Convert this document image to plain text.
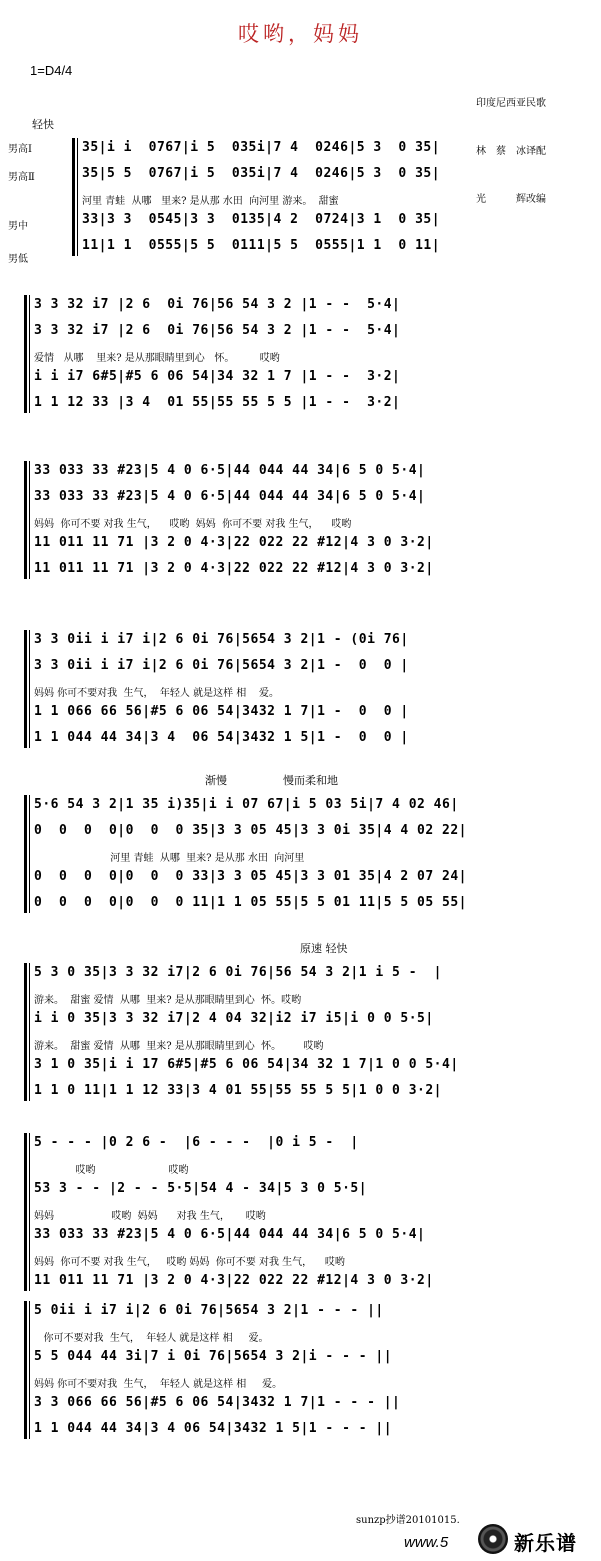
哎哟，妈妈
1=D4/4

印度尼西亚民歌

林　蔡　冰译配

光　　　辉改编

轻快
渐慢	慢而柔和地
原速 轻快
男高Ⅰ
男高Ⅱ
男中
男低
35|i i  0767|i 5  035i|7 4  0246|5 3  0 35|
35|5 5  0767|i 5  035i|7 4  0246|5 3  0 35|
河里 青蛙  从哪   里来? 是从那 水田  向河里 游来。  甜蜜
33|3 3  0545|3 3  0135|4 2  0724|3 1  0 35|
11|1 1  0555|5 5  0111|5 5  0555|1 1  0 11|
3 3 32 i7 |2 6  0i 76|56 54 3 2 |1 - -  5·4|
3 3 32 i7 |2 6  0i 76|56 54 3 2 |1 - -  5·4|
爱情   从哪    里来? 是从那眼睛里到心   怀。        哎哟
i i i7 6#5|#5 6 06 54|34 32 1 7 |1 - -  3·2|
1 1 12 33 |3 4  01 55|55 55 5 5 |1 - -  3·2|
33 033 33 #23|5 4 0 6·5|44 044 44 34|6 5 0 5·4|
33 033 33 #23|5 4 0 6·5|44 044 44 34|6 5 0 5·4|
妈妈  你可不要 对我 生气，    哎哟  妈妈  你可不要 对我 生气，    哎哟
11 011 11 71 |3 2 0 4·3|22 022 22 #12|4 3 0 3·2|
11 011 11 71 |3 2 0 4·3|22 022 22 #12|4 3 0 3·2|
3 3 0ii i i7 i|2 6 0i 76|5654 3 2|1 - (0i 76|
3 3 0ii i i7 i|2 6 0i 76|5654 3 2|1 -  0  0 |
妈妈 你可不要对我  生气，  年轻人 就是这样 相    爱。
1 1 066 66 56|#5 6 06 54|3432 1 7|1 -  0  0 |
1 1 044 44 34|3 4  06 54|3432 1 5|1 -  0  0 |
5·6 54 3 2|1 35 i)35|i i 07 67|i 5 03 5i|7 4 02 46|
0  0  0  0|0  0  0 35|3 3 05 45|3 3 0i 35|4 4 02 22|
河里 青蛙  从哪  里来? 是从那 水田  向河里
0  0  0  0|0  0  0 33|3 3 05 45|3 3 01 35|4 2 07 24|
0  0  0  0|0  0  0 11|1 1 05 55|5 5 01 11|5 5 05 55|
5 3 0 35|3 3 32 i7|2 6 0i 76|56 54 3 2|1 i 5 -  |
游来。  甜蜜 爱情  从哪  里来? 是从那眼睛里到心  怀。哎哟
i i 0 35|3 3 32 i7|2 4 04 32|i2 i7 i5|i 0 0 5·5|
游来。  甜蜜 爱情  从哪  里来? 是从那眼睛里到心  怀。       哎哟
3 1 0 35|i i 17 6#5|#5 6 06 54|34 32 1 7|1 0 0 5·4|
1 1 0 11|1 1 12 33|3 4 01 55|55 55 5 5|1 0 0 3·2|
5 - - - |0 2 6 -  |6 - - -  |0 i 5 -  |
哎哟                       哎哟
53 3 - - |2 - - 5·5|54 4 - 34|5 3 0 5·5|
妈妈                  哎哟  妈妈      对我 生气，     哎哟
33 033 33 #23|5 4 0 6·5|44 044 44 34|6 5 0 5·4|
妈妈  你可不要 对我 生气，   哎哟 妈妈  你可不要 对我 生气，    哎哟
11 011 11 71 |3 2 0 4·3|22 022 22 #12|4 3 0 3·2|
5 0ii i i7 i|2 6 0i 76|5654 3 2|1 - - - ||
你可不要对我  生气，  年轻人 就是这样 相     爱。
5 5 044 44 3i|7 i 0i 76|5654 3 2|i - - - ||
妈妈 你可不要对我  生气，  年轻人 就是这样 相     爱。
3 3 066 66 56|#5 6 06 54|3432 1 7|1 - - - ||
1 1 044 44 34|3 4 06 54|3432 1 5|1 - - - ||
sunzp抄谱20101015.
www.5	新乐谱
